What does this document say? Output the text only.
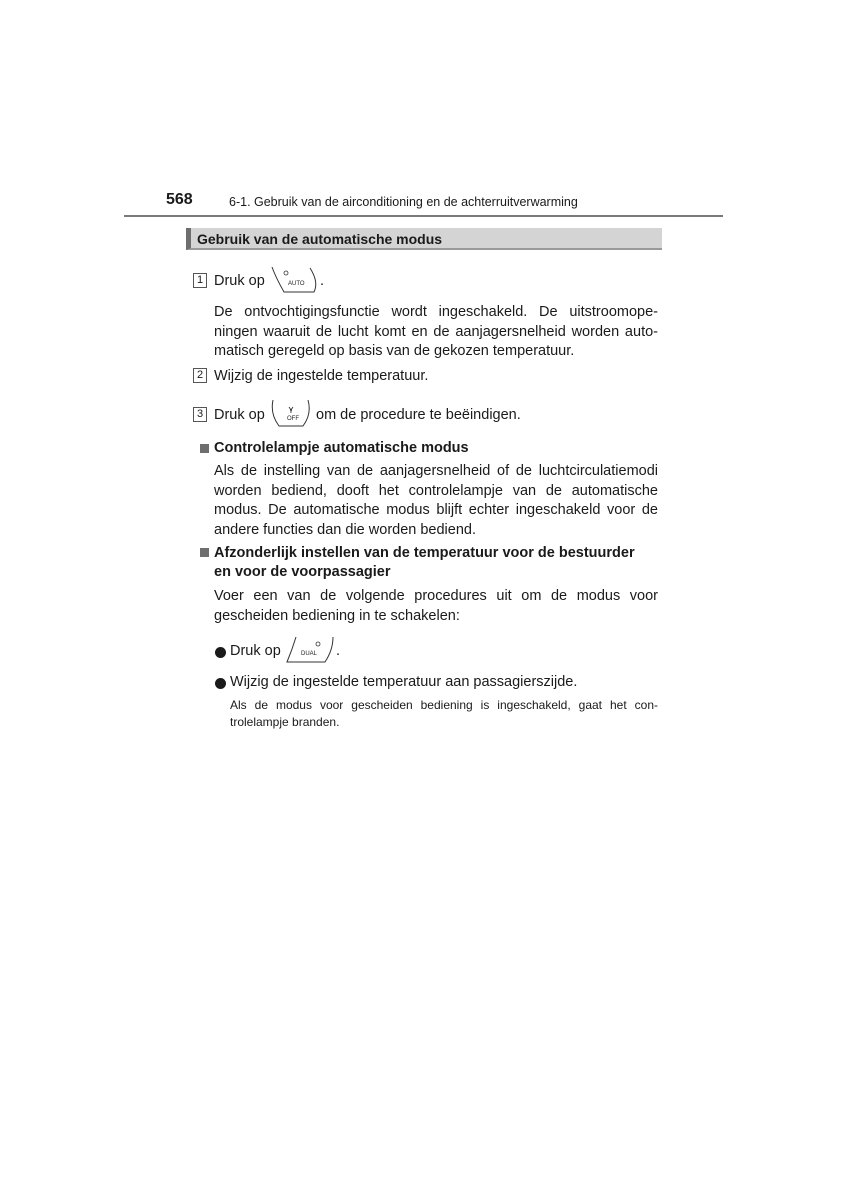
568	6-1. Gebruik van de airconditioning en de achterruitverwarming
Gebruik van de automatische modus
1 Druk op	AUTO .
De ontvochtigingsfunctie wordt ingeschakeld. De uitstroomope-ningen waaruit de lucht komt en de aanjagersnelheid worden auto-matisch geregeld op basis van de gekozen temperatuur.
2 Wijzig de ingestelde temperatuur.
3 Druk op	OFF om de procedure te beëindigen.
Controlelampje automatische modus
Als de instelling van de aanjagersnelheid of de luchtcirculatiemodi worden bediend, dooft het controlelampje van de automatische modus. De automatische modus blijft echter ingeschakeld voor de andere functies dan die worden bediend.
Afzonderlijk instellen van de temperatuur voor de bestuurder
en voor de voorpassagier
Voer een van de volgende procedures uit om de modus voor gescheiden bediening in te schakelen:
Druk op	DUAL .
Wijzig de ingestelde temperatuur aan passagierszijde.
Als de modus voor gescheiden bediening is ingeschakeld, gaat het con-trolelampje branden.
